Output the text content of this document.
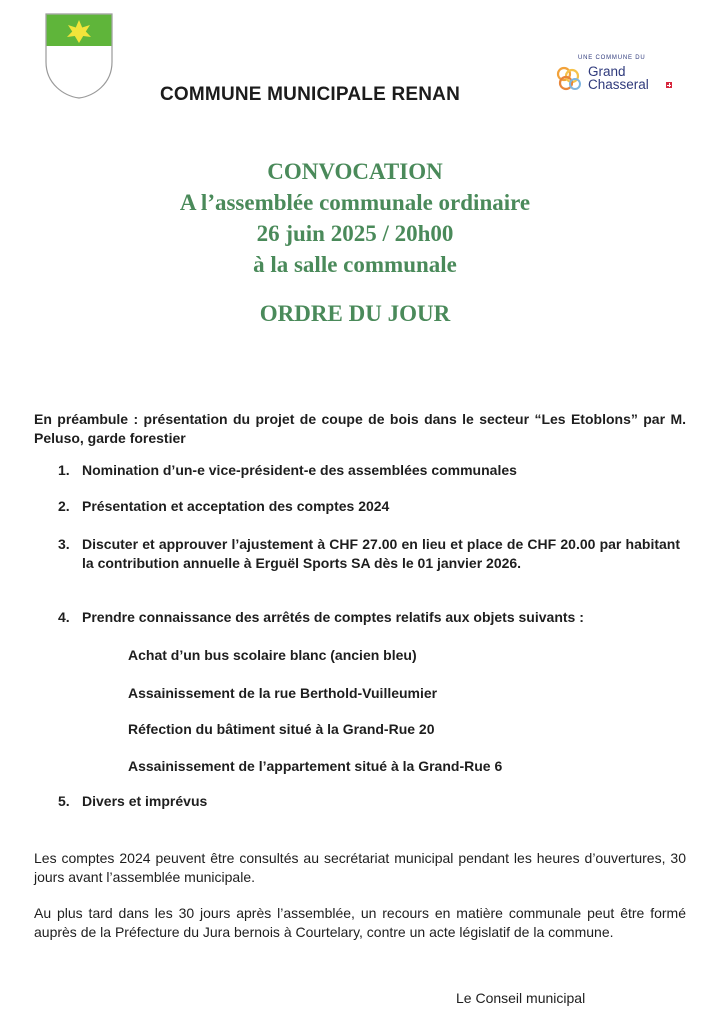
COMMUNE MUNICIPALE RENAN
UNE COMMUNE DU
Grand
Chasseral
CONVOCATION
A l’assemblée communale ordinaire
26 juin 2025 / 20h00
à la salle communale
ORDRE DU JOUR
En préambule : présentation du projet de coupe de bois dans le secteur “Les Etoblons” par M. Peluso, garde forestier
1. Nomination d’un-e vice-président-e des assemblées communales
2. Présentation et acceptation des comptes 2024
3. Discuter et approuver l’ajustement à CHF 27.00 en lieu et place de CHF 20.00 par habitant la contribution annuelle à Erguël Sports SA dès le 01 janvier 2026.
4. Prendre connaissance des arrêtés de comptes relatifs aux objets suivants :
Achat d’un bus scolaire blanc (ancien bleu)
Assainissement de la rue Berthold-Vuilleumier
Réfection du bâtiment situé à la Grand-Rue 20
Assainissement de l’appartement situé à la Grand-Rue 6
5. Divers et imprévus
Les comptes 2024 peuvent être consultés au secrétariat municipal pendant les heures d’ouvertures, 30 jours avant l’assemblée municipale.
Au plus tard dans les 30 jours après l’assemblée, un recours en matière communale peut être formé auprès de la Préfecture du Jura bernois à Courtelary, contre un acte législatif de la commune.
Le Conseil municipal
